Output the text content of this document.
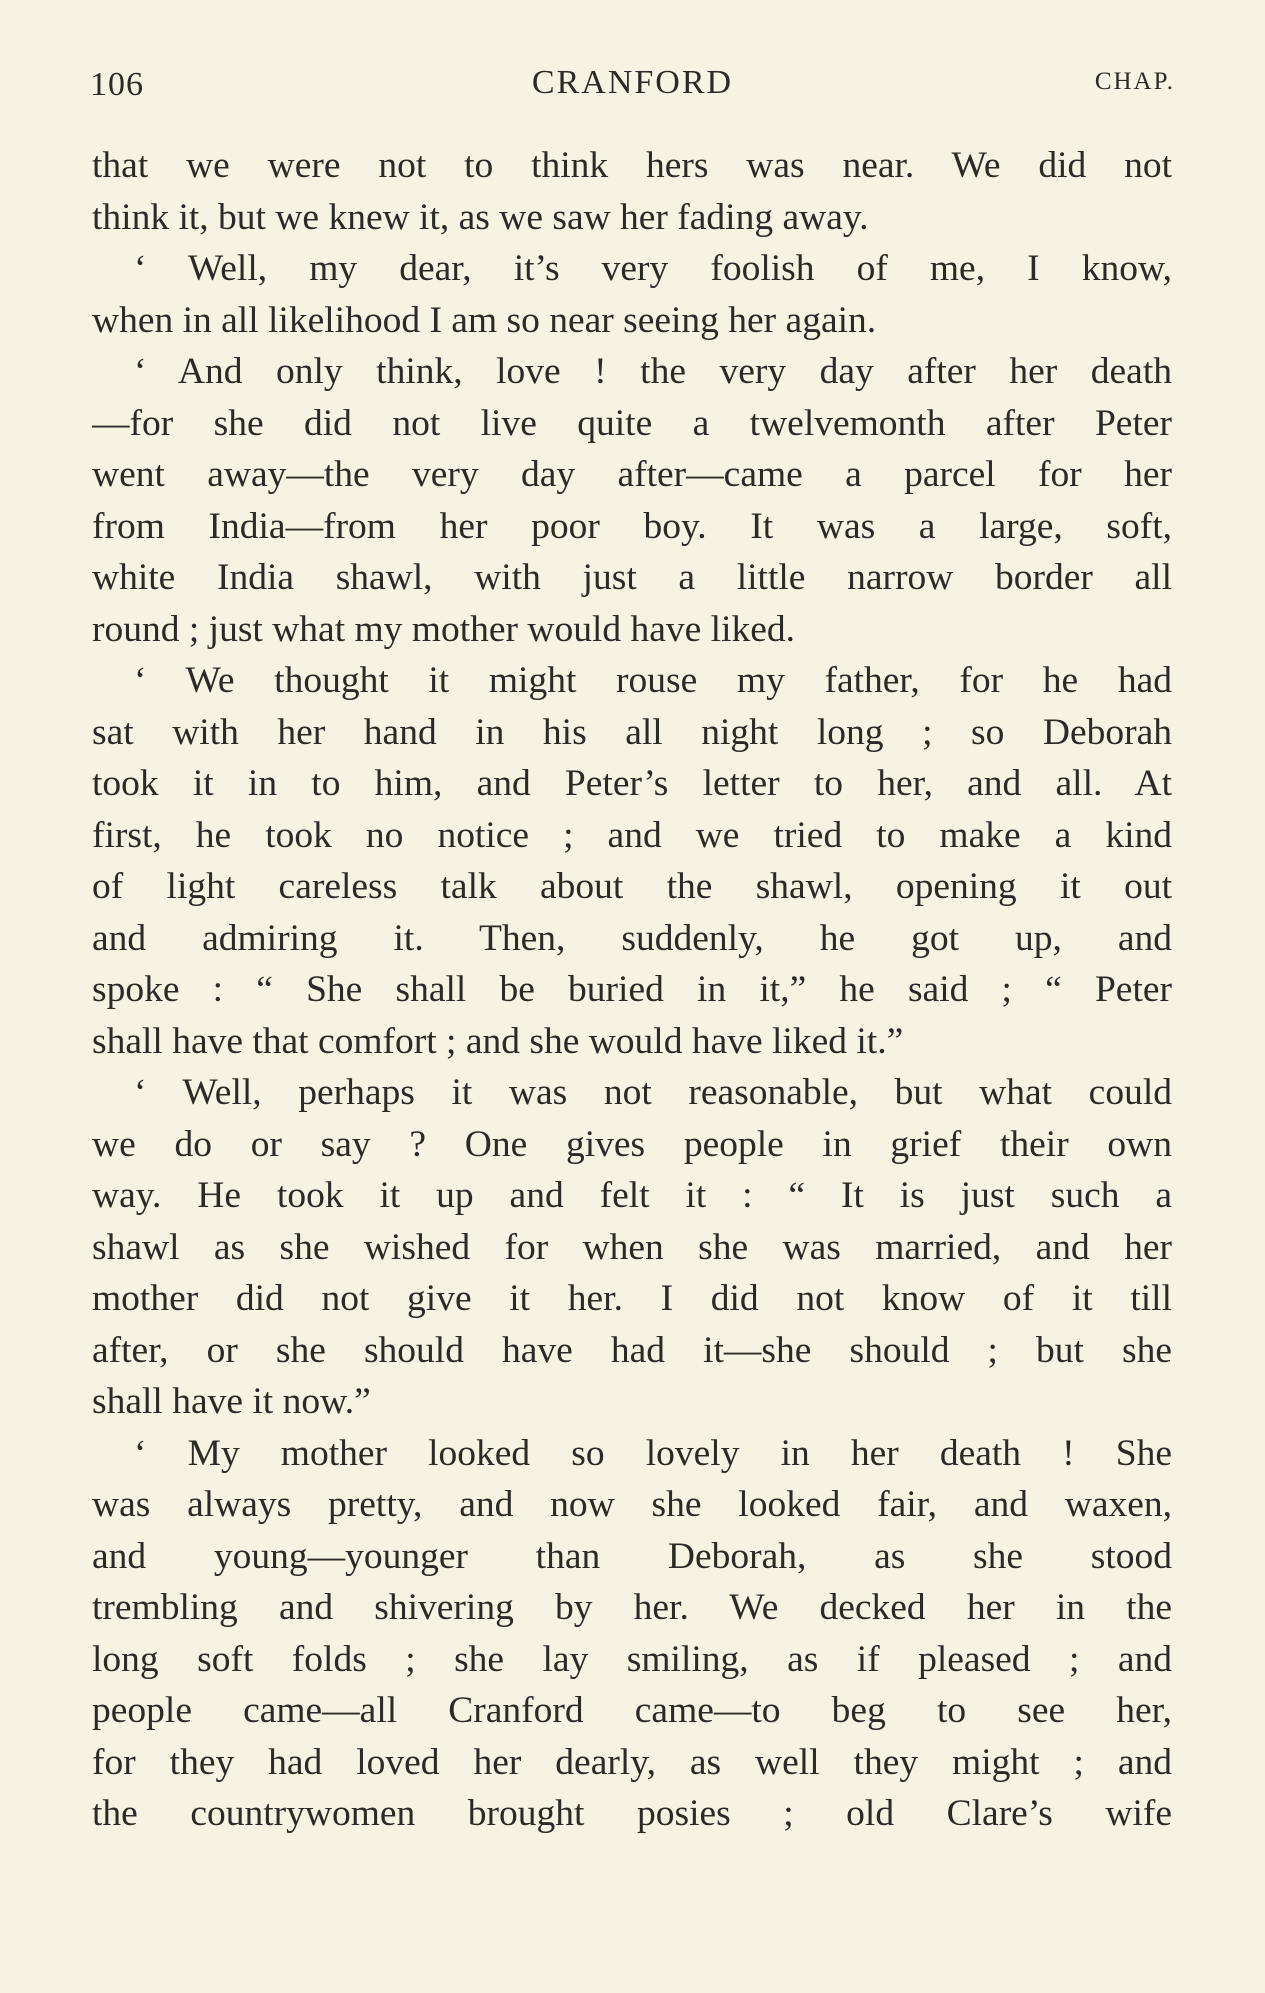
106	CRANFORD	CHAP.
that we were not to think hers was near. We did not
think it, but we knew it, as we saw her fading away.
‘ Well, my dear, it’s very foolish of me, I know,
when in all likelihood I am so near seeing her again.
‘ And only think, love ! the very day after her death
—for she did not live quite a twelvemonth after Peter
went away—the very day after—came a parcel for her
from India—from her poor boy. It was a large, soft,
white India shawl, with just a little narrow border all
round ; just what my mother would have liked.
‘ We thought it might rouse my father, for he had
sat with her hand in his all night long ; so Deborah
took it in to him, and Peter’s letter to her, and all. At
first, he took no notice ; and we tried to make a kind
of light careless talk about the shawl, opening it out
and admiring it. Then, suddenly, he got up, and
spoke : “ She shall be buried in it,” he said ; “ Peter
shall have that comfort ; and she would have liked it.”
‘ Well, perhaps it was not reasonable, but what could
we do or say ? One gives people in grief their own
way. He took it up and felt it : “ It is just such a
shawl as she wished for when she was married, and her
mother did not give it her. I did not know of it till
after, or she should have had it—she should ; but she
shall have it now.”
‘ My mother looked so lovely in her death ! She
was always pretty, and now she looked fair, and waxen,
and young—younger than Deborah, as she stood
trembling and shivering by her. We decked her in the
long soft folds ; she lay smiling, as if pleased ; and
people came—all Cranford came—to beg to see her,
for they had loved her dearly, as well they might ; and
the countrywomen brought posies ; old Clare’s wife
